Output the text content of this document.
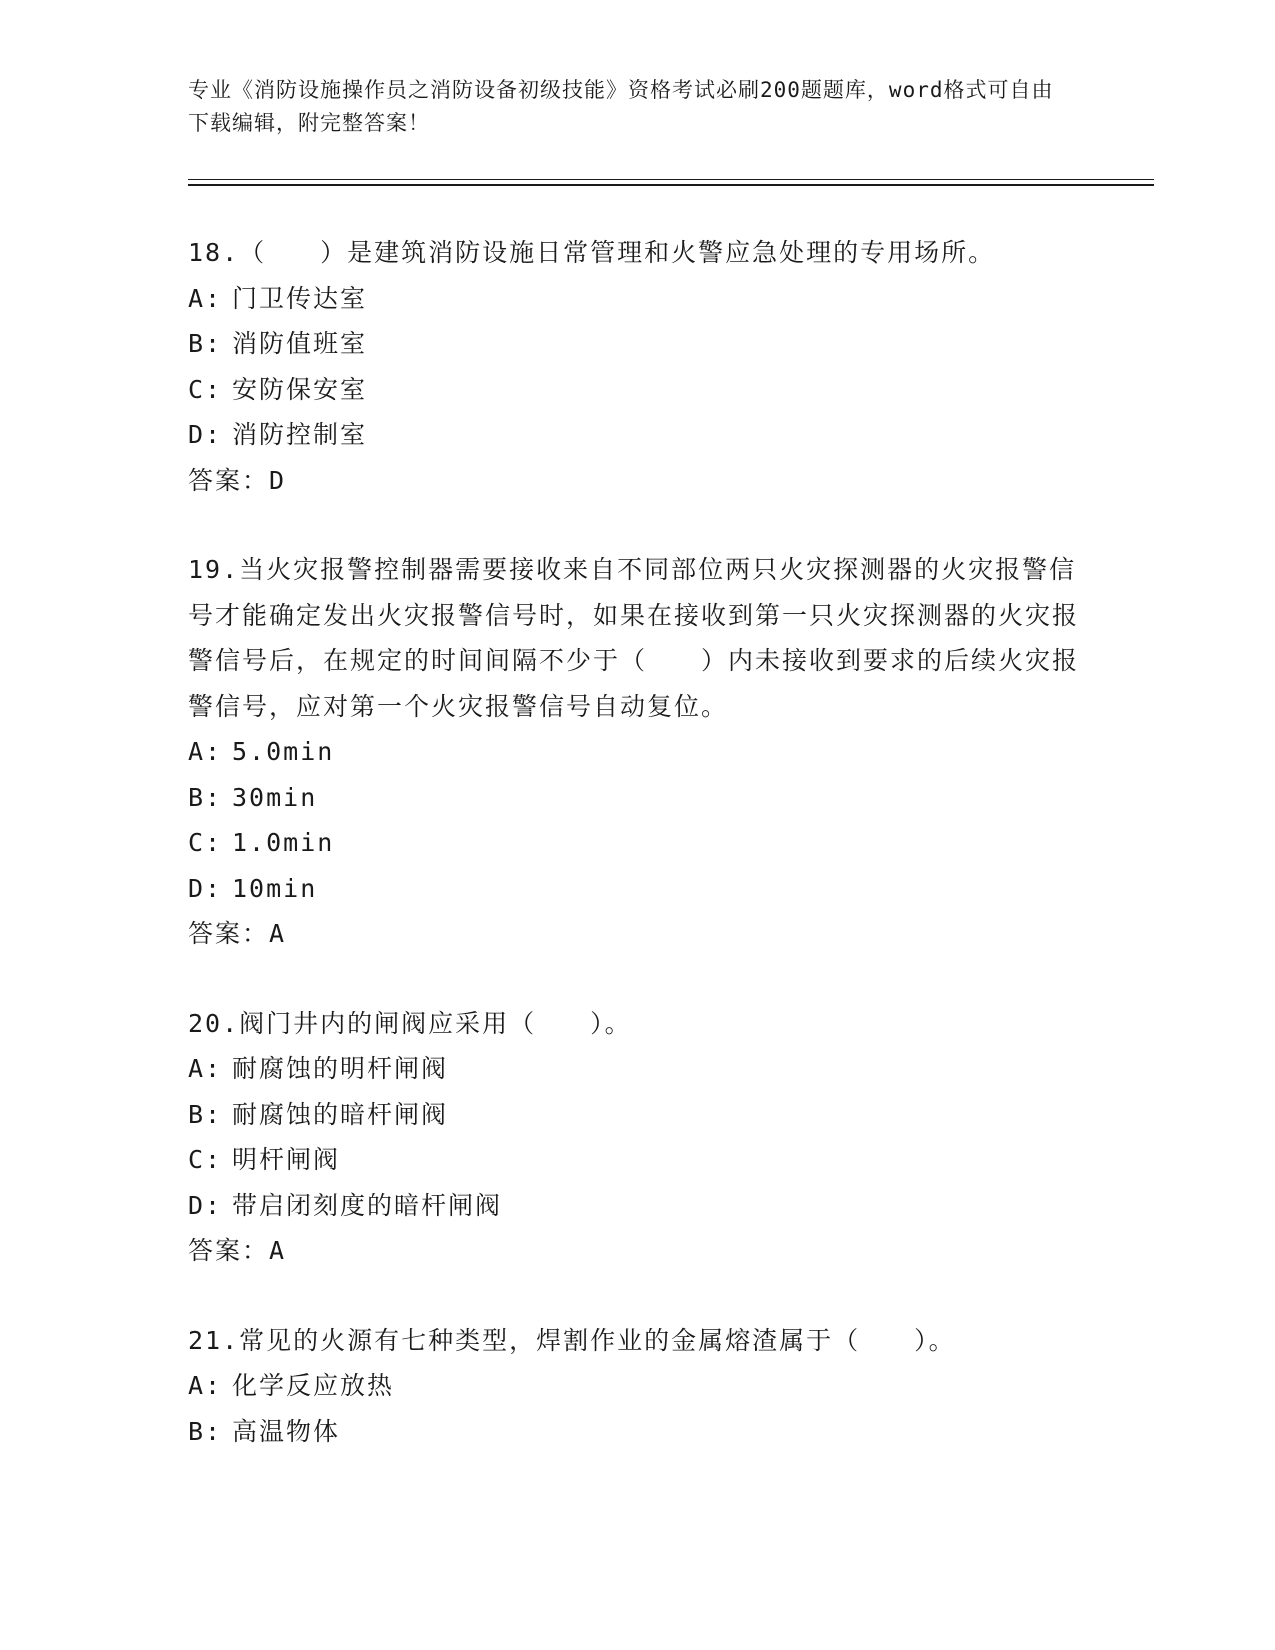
专业《消防设施操作员之消防设备初级技能》资格考试必刷200题题库，word格式可自由下载编辑，附完整答案！

18.（　　）是建筑消防设施日常管理和火警应急处理的专用场所。

A: 门卫传达室

B: 消防值班室

C: 安防保安室

D: 消防控制室

答案：D

19.当火灾报警控制器需要接收来自不同部位两只火灾探测器的火灾报警信号才能确定发出火灾报警信号时，如果在接收到第一只火灾探测器的火灾报警信号后，在规定的时间间隔不少于（　　）内未接收到要求的后续火灾报警信号，应对第一个火灾报警信号自动复位。

A: 5.0min

B: 30min

C: 1.0min

D: 10min

答案：A

20.阀门井内的闸阀应采用（　　）。

A: 耐腐蚀的明杆闸阀

B: 耐腐蚀的暗杆闸阀

C: 明杆闸阀

D: 带启闭刻度的暗杆闸阀

答案：A

21.常见的火源有七种类型，焊割作业的金属熔渣属于（　　）。

A: 化学反应放热

B: 高温物体
